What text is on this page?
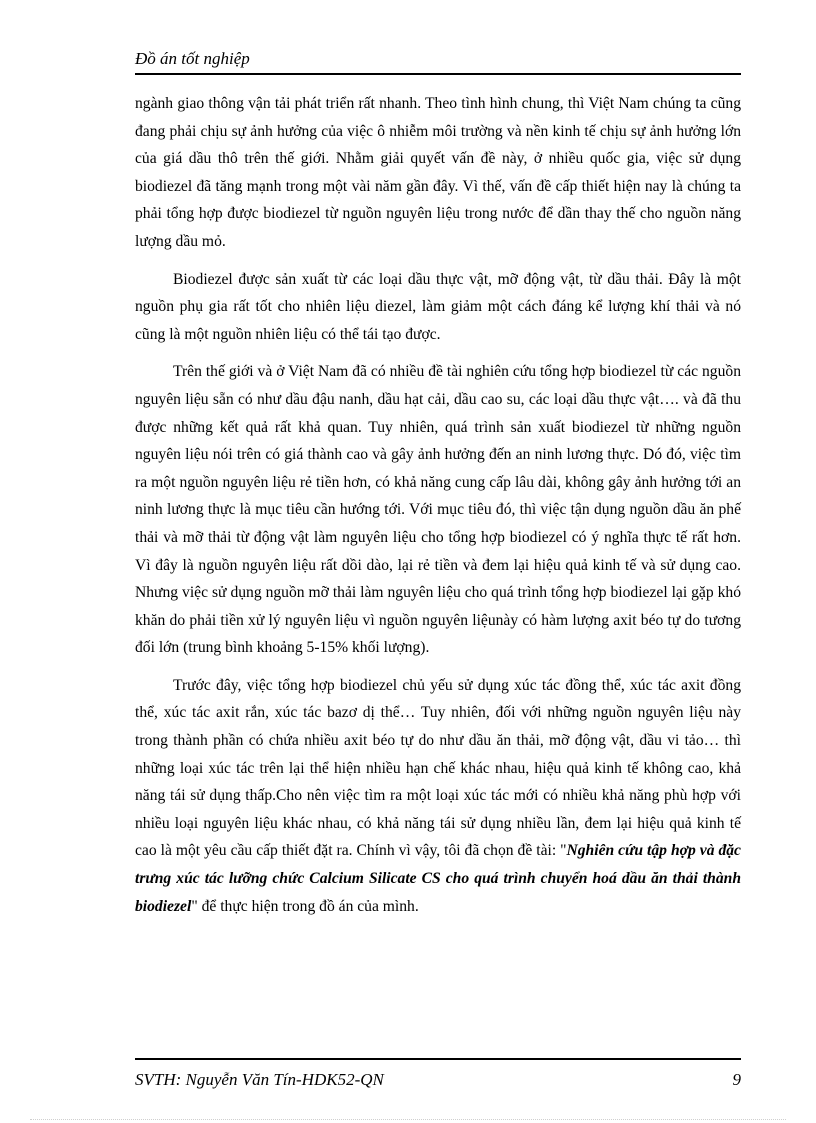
Đồ án tốt nghiệp

ngành giao thông vận tải phát triển rất nhanh. Theo tình hình chung, thì Việt Nam chúng ta cũng đang phải chịu sự ảnh hưởng của việc ô nhiễm môi trường và nền kinh tế chịu sự ảnh hưởng lớn của giá dầu thô trên thế giới. Nhằm giải quyết vấn đề này, ở nhiều quốc gia, việc sử dụng biodiezel đã tăng mạnh trong một vài năm gần đây. Vì thế, vấn đề cấp thiết hiện nay là chúng ta phải tổng hợp được biodiezel từ nguồn nguyên liệu trong nước để dần thay thế cho nguồn năng lượng dầu mỏ.

Biodiezel được sản xuất từ các loại dầu thực vật, mỡ động vật, từ dầu thải. Đây là một nguồn phụ gia rất tốt cho nhiên liệu diezel, làm giảm một cách đáng kể lượng khí thải và nó cũng là một nguồn nhiên liệu có thể tái tạo được.

Trên thế giới và ở Việt Nam đã có nhiều đề tài nghiên cứu tổng hợp biodiezel từ các nguồn nguyên liệu sẵn có như dầu đậu nanh, dầu hạt cải, dầu cao su, các loại dầu thực vật…. và đã thu được những kết quả rất khả quan. Tuy nhiên, quá trình sản xuất biodiezel từ những nguồn nguyên liệu nói trên có giá thành cao và gây ảnh hưởng đến an ninh lương thực. Dó đó, việc tìm ra một nguồn nguyên liệu rẻ tiền hơn, có khả năng cung cấp lâu dài, không gây ảnh hưởng tới an ninh lương thực là mục tiêu cần hướng tới. Với mục tiêu đó, thì việc tận dụng nguồn dầu ăn phế thải và mỡ thải từ động vật làm nguyên liệu cho tổng hợp biodiezel có ý nghĩa thực tế rất hơn. Vì đây là nguồn nguyên liệu rất dồi dào, lại rẻ tiền và đem lại hiệu quả kinh tế và sử dụng cao. Nhưng việc sử dụng nguồn mỡ thải làm nguyên liệu cho quá trình tổng hợp biodiezel lại gặp khó khăn do phải tiền xử lý nguyên liệu vì nguồn nguyên liệunày có hàm lượng axit béo tự do tương đối lớn (trung bình khoảng 5-15% khối lượng).

Trước đây, việc tổng hợp biodiezel chủ yếu sử dụng xúc tác đồng thể, xúc tác axit đồng thể, xúc tác axit rắn, xúc tác bazơ dị thể… Tuy nhiên, đối với những nguồn nguyên liệu này trong thành phần có chứa nhiều axit béo tự do như dầu ăn thải, mỡ động vật, dầu vi tảo… thì những loại xúc tác trên lại thể hiện nhiều hạn chế khác nhau, hiệu quả kinh tế không cao, khả năng tái sử dụng thấp.Cho nên việc tìm ra một loại xúc tác mới có nhiều khả năng phù hợp với nhiều loại nguyên liệu khác nhau, có khả năng tái sử dụng nhiều lần, đem lại hiệu quả kinh tế cao là một yêu cầu cấp thiết đặt ra. Chính vì vậy, tôi đã chọn đề tài: "Nghiên cứu tập hợp và đặc trưng xúc tác lưỡng chức Calcium Silicate CS cho quá trình chuyển hoá dầu ăn thải thành biodiezel" để thực hiện trong đồ án của mình.

SVTH: Nguyễn Văn Tín-HDK52-QN	9
